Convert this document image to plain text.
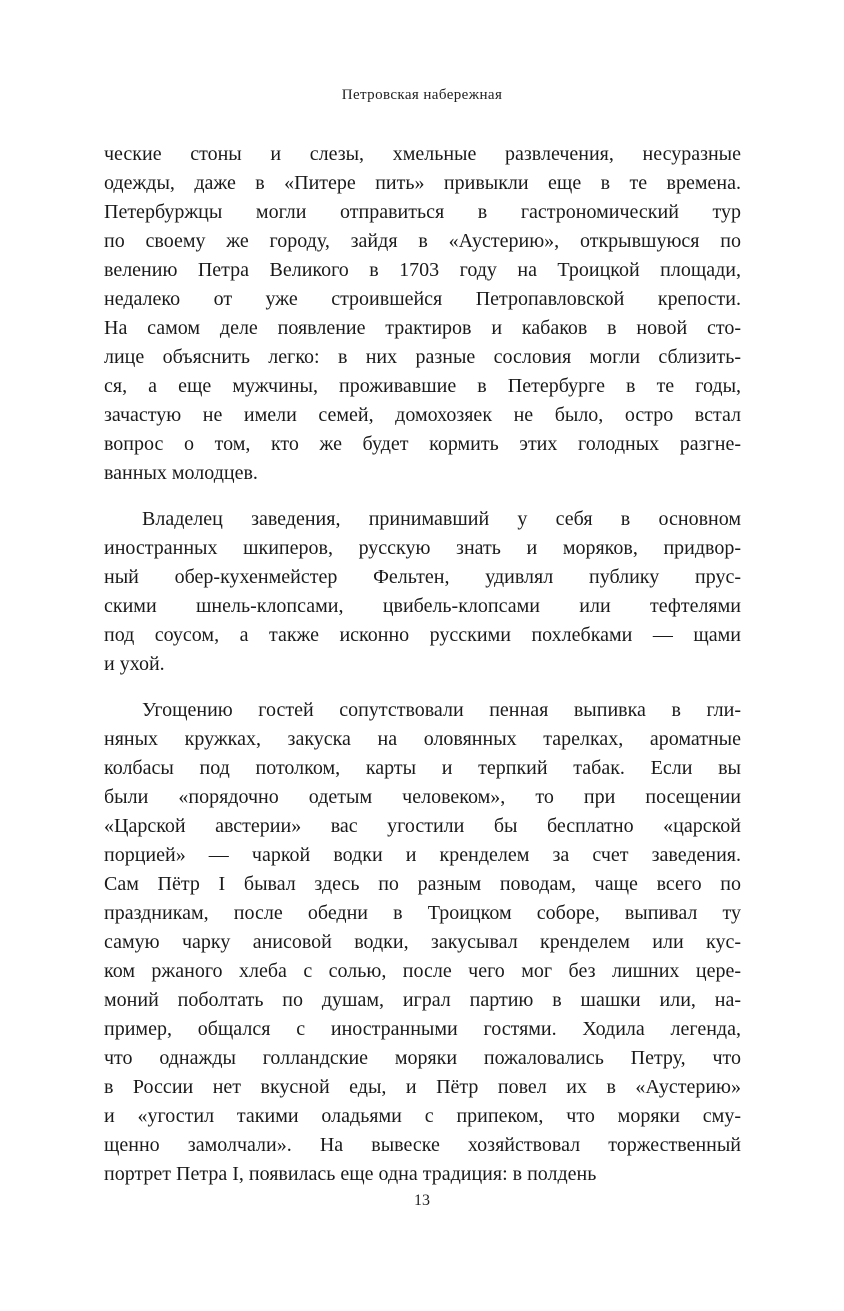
Петровская набережная
ческие стоны и слезы, хмельные развлечения, несуразные
одежды, даже в «Питере пить» привыкли еще в те времена.
Петербуржцы могли отправиться в гастрономический тур
по своему же городу, зайдя в «Аустерию», открывшуюся по
велению Петра Великого в 1703 году на Троицкой площади,
недалеко от уже строившейся Петропавловской крепости.
На самом деле появление трактиров и кабаков в новой сто-
лице объяснить легко: в них разные сословия могли сблизить-
ся, а еще мужчины, проживавшие в Петербурге в те годы,
зачастую не имели семей, домохозяек не было, остро встал
вопрос о том, кто же будет кормить этих голодных разгне-
ванных молодцев.
Владелец заведения, принимавший у себя в основном
иностранных шкиперов, русскую знать и моряков, придвор-
ный обер-кухенмейстер Фельтен, удивлял публику прус-
скими шнель-клопсами, цвибель-клопсами или тефтелями
под соусом, а также исконно русскими похлебками — щами
и ухой.
Угощению гостей сопутствовали пенная выпивка в гли-
няных кружках, закуска на оловянных тарелках, ароматные
колбасы под потолком, карты и терпкий табак. Если вы
были «порядочно одетым человеком», то при посещении
«Царской австерии» вас угостили бы бесплатно «царской
порцией» — чаркой водки и кренделем за счет заведения.
Сам Пётр I бывал здесь по разным поводам, чаще всего по
праздникам, после обедни в Троицком соборе, выпивал ту
самую чарку анисовой водки, закусывал кренделем или кус-
ком ржаного хлеба с солью, после чего мог без лишних цере-
моний поболтать по душам, играл партию в шашки или, на-
пример, общался с иностранными гостями. Ходила легенда,
что однажды голландские моряки пожаловались Петру, что
в России нет вкусной еды, и Пётр повел их в «Аустерию»
и «угостил такими оладьями с припеком, что моряки сму-
щенно замолчали». На вывеске хозяйствовал торжественный
портрет Петра I, появилась еще одна традиция: в полдень
13
